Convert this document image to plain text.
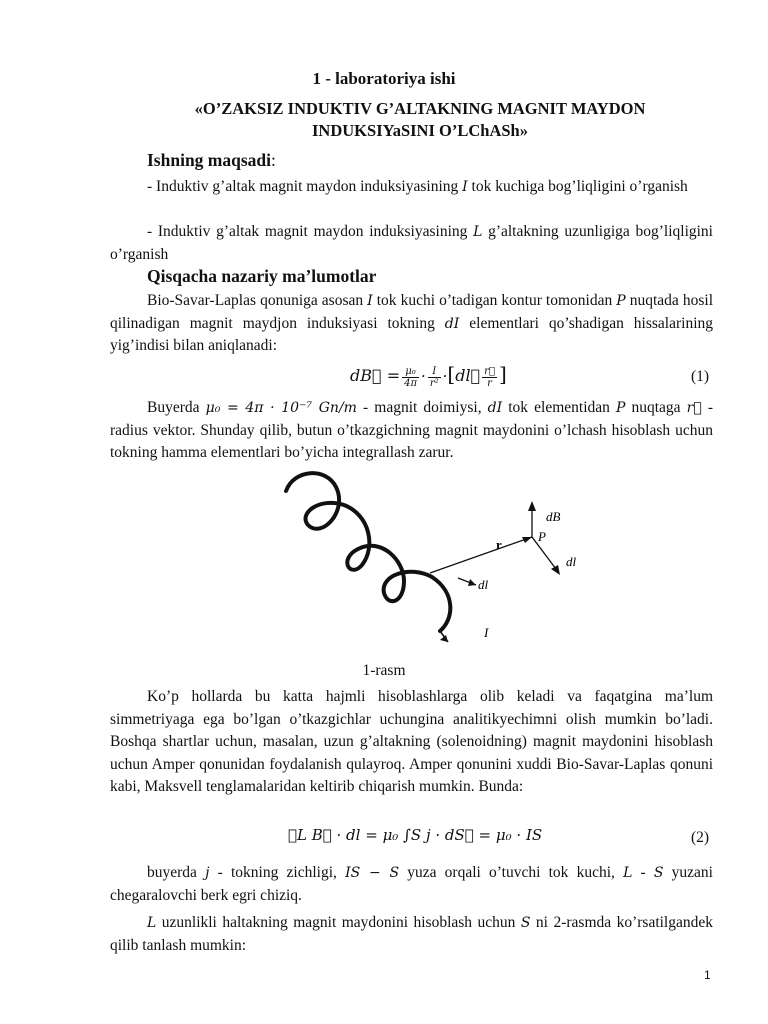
1 - laboratoriya ishi
«O’ZAKSIZ INDUKTIV G’ALTAKNING MAGNIT MAYDON
INDUKSIYaSINI O’LChASh»
Ishning maqsadi:
- Induktiv g’altak magnit maydon induksiyasining I tok kuchiga bog’liqligini o’rganish
- Induktiv g’altak magnit maydon induksiyasining L g’altakning uzunligiga bog’liqligini o’rganish
Qisqacha nazariy ma’lumotlar
Bio-Savar-Laplas qonuniga asosan I tok kuchi o’tadigan kontur tomonidan P nuqtada hosil qilinadigan magnit maydjon induksiyasi tokning dI elementlari qo’shadigan hissalarining yig’indisi bilan aniqlanadi:
dB⃗ = $\frac{\text{μ₀}}{4\pi} \cdot \frac{I}{\text{r²}}$ ·[dl⃗ $\frac{r⃗}{r}$ ]	(1)
Buyerda μ₀ = 4π · 10⁻⁷ Gn/m - magnit doimiysi, dI tok elementidan P nuqtaga r⃗ - radius vektor. Shunday qilib, butun o’tkazgichning magnit maydonini o’lchash hisoblash uchun tokning hamma elementlari bo’yicha integrallash zarur.
dB
r
P
dl
dl
I
1-rasm
Ko’p hollarda bu katta hajmli hisoblashlarga olib keladi va faqatgina ma’lum simmetriyaga ega bo’lgan o’tkazgichlar uchungina analitikyechimni olish mumkin bo’ladi. Boshqa shartlar uchun, masalan, uzun g’altakning (solenoidning) magnit maydonini hisoblash uchun Amper qonunidan foydalanish qulayroq. Amper qonunini xuddi Bio-Savar-Laplas qonuni kabi, Maksvell tenglamalaridan keltirib chiqarish mumkin. Bunda:
∮L B⃗ · dl = μ₀ ∫S j · dS⃗ = μ₀ · IS	(2)
buyerda j - tokning zichligi, IS − S yuza orqali o’tuvchi tok kuchi, L - S yuzani chegaralovchi berk egri chiziq.
L uzunlikli haltakning magnit maydonini hisoblash uchun S ni 2-rasmda ko’rsatilgandek qilib tanlash mumkin:
1
